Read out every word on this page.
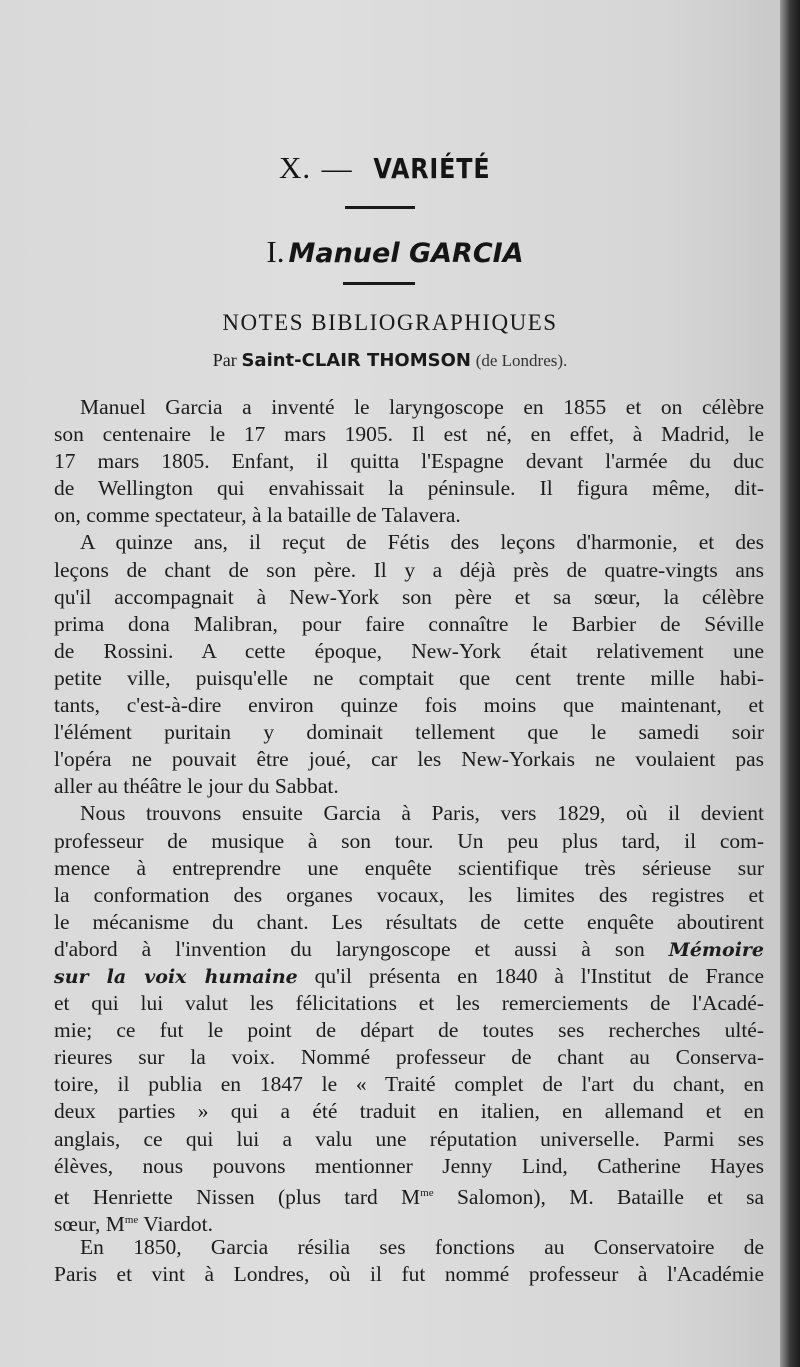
X. — VARIÉTÉ
I. Manuel GARCIA
NOTES BIBLIOGRAPHIQUES
Par Saint-CLAIR THOMSON (de Londres).
Manuel Garcia a inventé le laryngoscope en 1855 et on célèbre
son centenaire le 17 mars 1905. Il est né, en effet, à Madrid, le
17 mars 1805. Enfant, il quitta l'Espagne devant l'armée du duc
de Wellington qui envahissait la péninsule. Il figura même, dit-
on, comme spectateur, à la bataille de Talavera.
A quinze ans, il reçut de Fétis des leçons d'harmonie, et des
leçons de chant de son père. Il y a déjà près de quatre-vingts ans
qu'il accompagnait à New-York son père et sa sœur, la célèbre
prima dona Malibran, pour faire connaître le Barbier de Séville
de Rossini. A cette époque, New-York était relativement une
petite ville, puisqu'elle ne comptait que cent trente mille habi-
tants, c'est-à-dire environ quinze fois moins que maintenant, et
l'élément puritain y dominait tellement que le samedi soir
l'opéra ne pouvait être joué, car les New-Yorkais ne voulaient pas
aller au théâtre le jour du Sabbat.
Nous trouvons ensuite Garcia à Paris, vers 1829, où il devient
professeur de musique à son tour. Un peu plus tard, il com-
mence à entreprendre une enquête scientifique très sérieuse sur
la conformation des organes vocaux, les limites des registres et
le mécanisme du chant. Les résultats de cette enquête aboutirent
d'abord à l'invention du laryngoscope et aussi à son Mémoire
sur la voix humaine qu'il présenta en 1840 à l'Institut de France
et qui lui valut les félicitations et les remerciements de l'Acadé-
mie; ce fut le point de départ de toutes ses recherches ulté-
rieures sur la voix. Nommé professeur de chant au Conserva-
toire, il publia en 1847 le « Traité complet de l'art du chant, en
deux parties » qui a été traduit en italien, en allemand et en
anglais, ce qui lui a valu une réputation universelle. Parmi ses
élèves, nous pouvons mentionner Jenny Lind, Catherine Hayes
et Henriette Nissen (plus tard $M^{me}$ Salomon), M. Bataille et sa
sœur, $M^{me}$ Viardot.
En 1850, Garcia résilia ses fonctions au Conservatoire de
Paris et vint à Londres, où il fut nommé professeur à l'Académie
